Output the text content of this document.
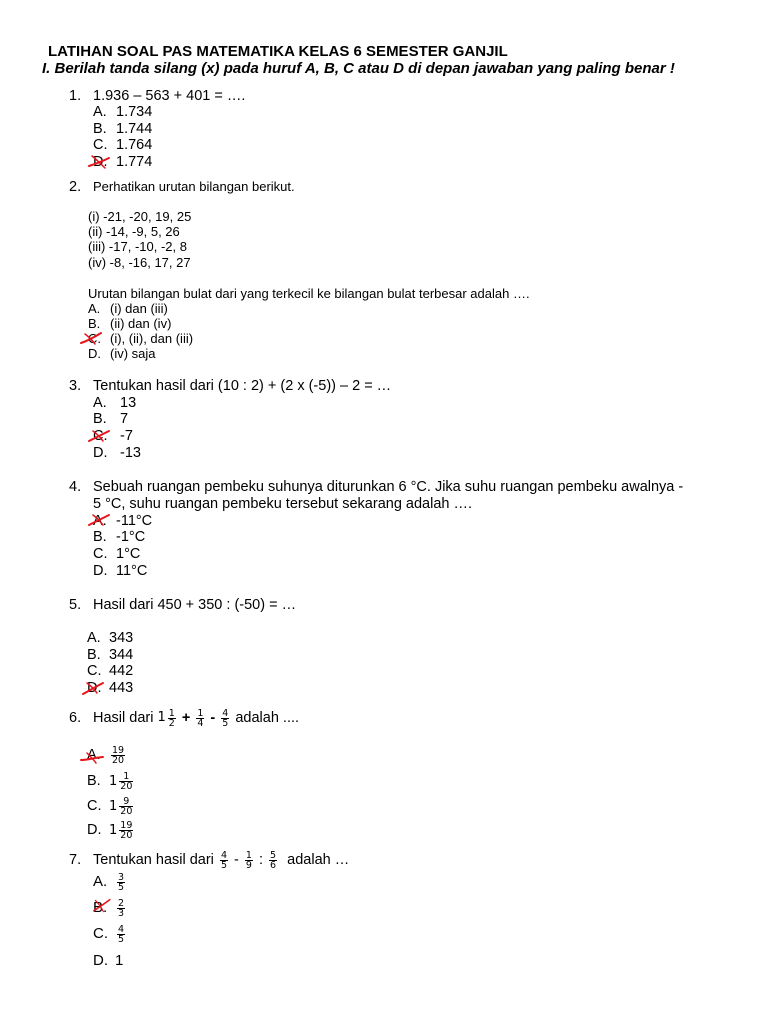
LATIHAN SOAL PAS MATEMATIKA KELAS 6 SEMESTER GANJIL
I. Berilah tanda silang (x) pada huruf A, B, C atau D di depan jawaban yang paling benar !
1. 1.936 – 563 + 401 = ….
A. 1.734
B. 1.744
C. 1.764
D. 1.774
2. Perhatikan urutan bilangan berikut.
(i) -21, -20, 19, 25
(ii) -14, -9, 5, 26
(iii) -17, -10, -2, 8
(iv) -8, -16, 17, 27
Urutan bilangan bulat dari yang terkecil ke bilangan bulat terbesar adalah ….
A. (i) dan (iii)
B. (ii) dan (iv)
C. (i), (ii), dan (iii)
D. (iv) saja
3. Tentukan hasil dari (10 : 2) + (2 x (-5)) – 2 = …
A. 13
B. 7
C. -7
D. -13
4. Sebuah ruangan pembeku suhunya diturunkan 6 °C. Jika suhu ruangan pembeku awalnya -
5 °C, suhu ruangan pembeku tersebut sekarang adalah ….
A. -11°C
B. -1°C
C. 1°C
D. 11°C
5. Hasil dari 450 + 350 : (-50) = …
A. 343
B. 344
C. 442
D. 443
6. Hasil dari $1 \frac{1}{2} + \frac{1}{4} - \frac{4}{5}$ adalah ....
A. $\frac{19}{20}$
B. $1 \frac{1}{20}$
C. $1 \frac{9}{20}$
D. $1 \frac{19}{20}$
7. Tentukan hasil dari $\frac{4}{5} - \frac{1}{9}$ : $\frac{5}{6}$ adalah …
A. $\frac{3}{5}$
B. $\frac{2}{3}$
C. $\frac{4}{5}$
D. 1
